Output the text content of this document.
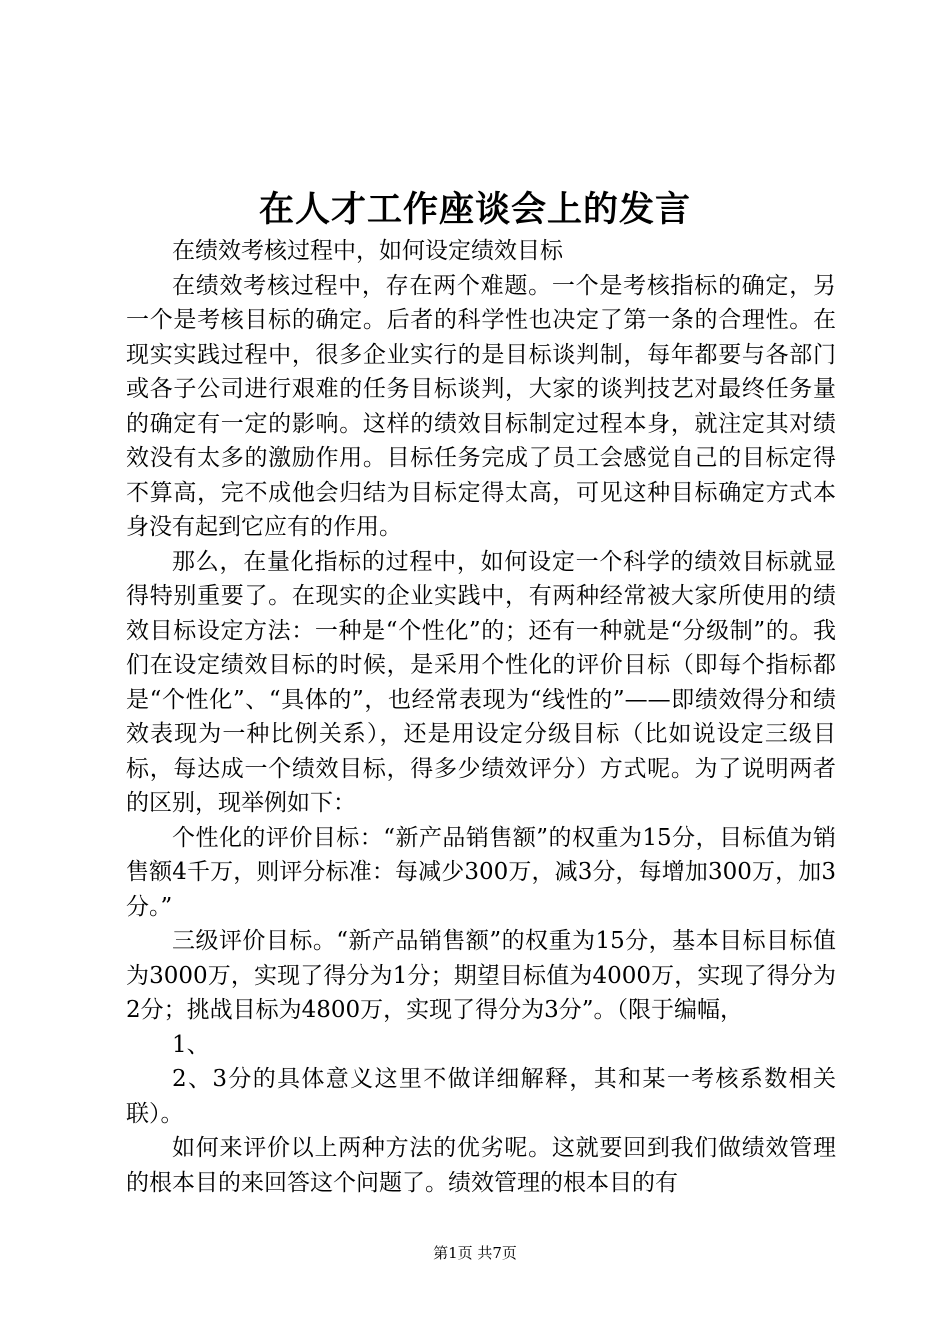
在人才工作座谈会上的发言

在绩效考核过程中，如何设定绩效目标

在绩效考核过程中，存在两个难题。一个是考核指标的确定，另一个是考核目标的确定。后者的科学性也决定了第一条的合理性。在现实实践过程中，很多企业实行的是目标谈判制，每年都要与各部门或各子公司进行艰难的任务目标谈判，大家的谈判技艺对最终任务量的确定有一定的影响。这样的绩效目标制定过程本身，就注定其对绩效没有太多的激励作用。目标任务完成了员工会感觉自己的目标定得不算高，完不成他会归结为目标定得太高，可见这种目标确定方式本身没有起到它应有的作用。

那么，在量化指标的过程中，如何设定一个科学的绩效目标就显得特别重要了。在现实的企业实践中，有两种经常被大家所使用的绩效目标设定方法：一种是“个性化”的；还有一种就是“分级制”的。我们在设定绩效目标的时候，是采用个性化的评价目标（即每个指标都是“个性化”、“具体的”，也经常表现为“线性的”——即绩效得分和绩效表现为一种比例关系），还是用设定分级目标（比如说设定三级目标，每达成一个绩效目标，得多少绩效评分）方式呢。为了说明两者的区别，现举例如下：

个性化的评价目标：“新产品销售额”的权重为15分，目标值为销售额4千万，则评分标准：每减少300万，减3分，每增加300万，加3分。”

三级评价目标。“新产品销售额”的权重为15分，基本目标目标值为3000万，实现了得分为1分；期望目标值为4000万，实现了得分为2分；挑战目标为4800万，实现了得分为3分”。（限于编幅，

1、

2、3分的具体意义这里不做详细解释，其和某一考核系数相关联）。

如何来评价以上两种方法的优劣呢。这就要回到我们做绩效管理的根本目的来回答这个问题了。绩效管理的根本目的有

第1页 共7页
